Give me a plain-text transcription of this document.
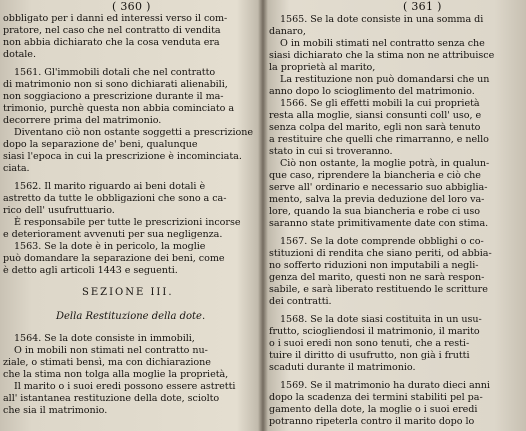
( 360 )
obbligato per i danni ed interessi verso il com-
pratore, nel caso che nel contratto di vendita
non abbia dichiarato che la cosa venduta era
dotale.
1561. Gl'immobili dotali che nel contratto
di matrimonio non si sono dichiarati alienabili,
non soggiaciono a prescrizione durante il ma-
trimonio, purchè questa non abbia cominciato a
decorrere prima del matrimonio.
Diventano ciò non ostante soggetti a prescrizione
dopo la separazione de' beni, qualunque
siasi l'epoca in cui la prescrizione è incominciata.
ciata.
1562. Il marito riguardo ai beni dotali è
astretto da tutte le obbligazioni che sono a ca-
rico dell' usufruttuario.
È responsabile per tutte le prescrizioni incorse
e deteriorament avvenuti per sua negligenza.
1563. Se la dote è in pericolo, la moglie
può domandare la separazione dei beni, come
è detto agli articoli 1443 e seguenti.
SEZIONE III.
Della Restituzione della dote.
1564. Se la dote consiste in immobili,
O in mobili non stimati nel contratto nu-
ziale, o stimati bensì, ma con dichiarazione
che la stima non tolga alla moglie la proprietà,
Il marito o i suoi eredi possono essere astretti
all' istantanea restituzione della dote, sciolto
che sia il matrimonio.
( 361 )
1565. Se la dote consiste in una somma di
danaro,
O in mobili stimati nel contratto senza che
siasi dichiarato che la stima non ne attribuisce
la proprietà al marito,
La restituzione non può domandarsi che un
anno dopo lo scioglimento del matrimonio.
1566. Se gli effetti mobili la cui proprietà
resta alla moglie, siansi consunti coll' uso, e
senza colpa del marito, egli non sarà tenuto
a restituire che quelli che rimarranno, e nello
stato in cui si troveranno.
Ciò non ostante, la moglie potrà, in qualun-
que caso, riprendere la biancheria e ciò che
serve all' ordinario e necessario suo abbiglia-
mento, salva la previa deduzione del loro va-
lore, quando la sua biancheria e robe ci uso
saranno state primitivamente date con stima.
1567. Se la dote comprende obblighi o co-
stituzioni di rendita che siano periti, od abbia-
no sofferto riduzioni non imputabili a negli-
genza del marito, questi non ne sarà respon-
sabile, e sarà liberato restituendo le scritture
dei contratti.
1568. Se la dote siasi costituita in un usu-
frutto, sciogliendosi il matrimonio, il marito
o i suoi eredi non sono tenuti, che a resti-
tuire il diritto di usufrutto, non già i frutti
scaduti durante il matrimonio.
1569. Se il matrimonio ha durato dieci anni
dopo la scadenza dei termini stabiliti pel pa-
gamento della dote, la moglie o i suoi eredi
potranno ripeterla contro il marito dopo lo
